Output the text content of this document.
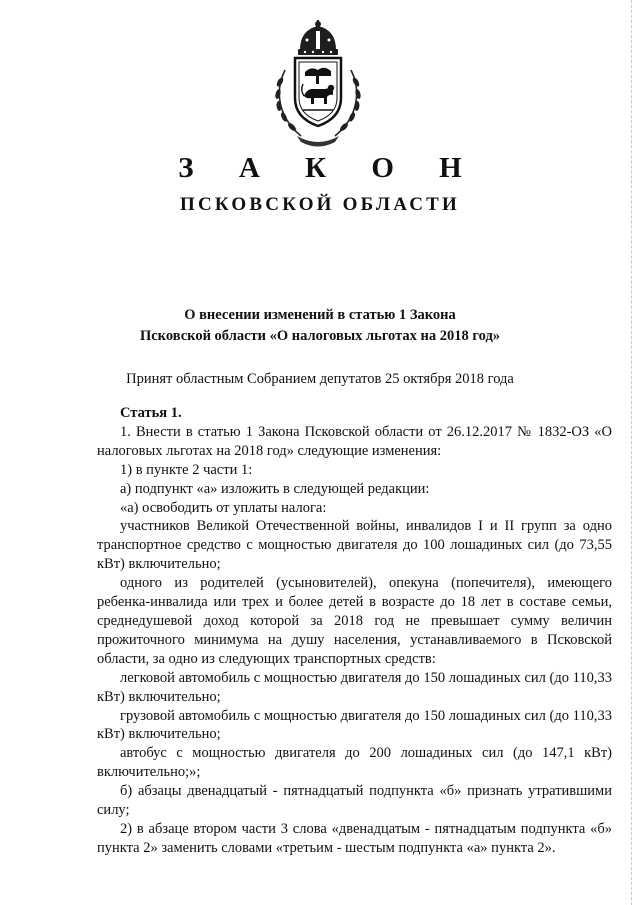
З А К О Н
ПСКОВСКОЙ ОБЛАСТИ
О внесении изменений в статью 1 Закона
Псковской области «О налоговых льготах на 2018 год»
Принят областным Собранием депутатов 25 октября 2018 года

Статья 1.

1. Внести в статью 1 Закона Псковской области от 26.12.2017 № 1832-ОЗ «О налоговых льготах на 2018 год» следующие изменения:

1) в пункте 2 части 1:

а) подпункт «а» изложить в следующей редакции:

«а) освободить от уплаты налога:

участников Великой Отечественной войны, инвалидов I и II групп за одно транспортное средство с мощностью двигателя до 100 лошадиных сил (до 73,55 кВт) включительно;

одного из родителей (усыновителей), опекуна (попечителя), имеющего ребенка-инвалида или трех и более детей в возрасте до 18 лет в составе семьи, среднедушевой доход которой за 2018 год не превышает сумму величин прожиточного минимума на душу населения, устанавливаемого в Псковской области, за одно из следующих транспортных средств:

легковой автомобиль с мощностью двигателя до 150 лошадиных сил (до 110,33 кВт) включительно;

грузовой автомобиль с мощностью двигателя до 150 лошадиных сил (до 110,33 кВт) включительно;

автобус с мощностью двигателя до 200 лошадиных сил (до 147,1 кВт) включительно;»;

б) абзацы двенадцатый - пятнадцатый подпункта «б» признать утратившими силу;

2) в абзаце втором части 3 слова «двенадцатым - пятнадцатым подпункта «б» пункта 2» заменить словами «третьим - шестым подпункта «а» пункта 2».
